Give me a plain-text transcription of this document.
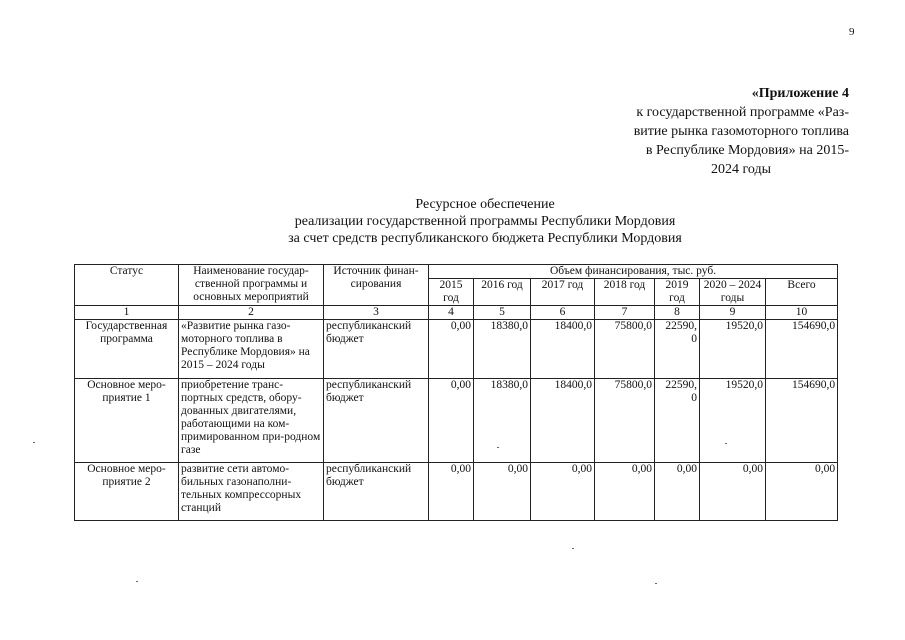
9
«Приложение 4
к государственной программе «Раз-
витие рынка газомоторного топлива
в Республике Мордовия» на 2015-
2024 годы
Ресурсное обеспечение
реализации государственной программы Республики Мордовия
за счет средств республиканского бюджета Республики Мордовия
Статус	Наименование государ-ственной программы и основных мероприятий	Источник финан-сирования	Объем финансирования, тыс. руб.						
			2015 год	2016 год	2017 год	2018 год	2019 год	2020 – 2024 годы	Всего
1	2	3	4	5	6	7	8	9	10
Государственная программа	«Развитие рынка газо-моторного топлива в Республике Мордовия» на 2015 – 2024 годы	республиканский бюджет	0,00	18380,0	18400,0	75800,0	22590, 0	19520,0	154690,0
Основное меро-приятие 1	приобретение транс-портных средств, обору-дованных двигателями, работающими на ком-примированном при-родном газе	республиканский бюджет	0,00	18380,0	18400,0	75800,0	22590, 0	19520,0	154690,0
Основное меро-приятие 2	развитие сети автомо-бильных газонаполни-тельных компрессорных станций	республиканский бюджет	0,00	0,00	0,00	0,00	0,00	0,00	0,00
